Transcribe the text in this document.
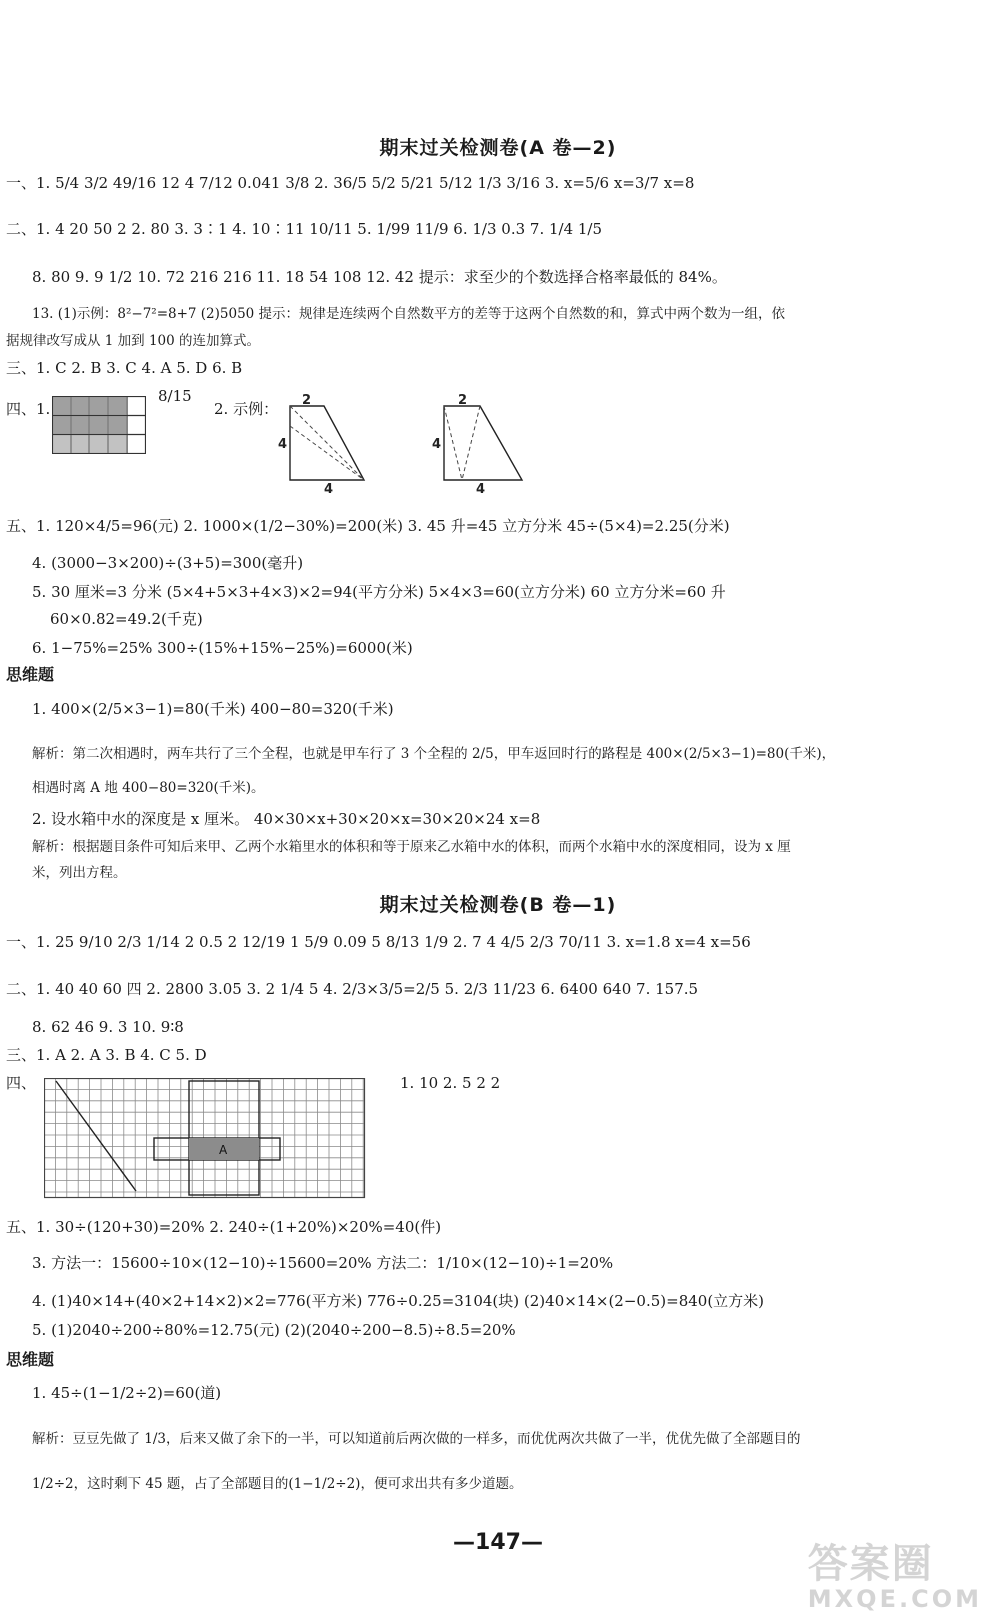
期末过关检测卷(A 卷—2)
一、1. 5/4 3/2 49/16 12 4 7/12 0.041 3/8 2. 36/5 5/2 5/21 5/12 1/3 3/16 3. x=5/6 x=3/7 x=8
二、1. 4 20 50 2 2. 80 3. 3∶1 4. 10∶11 10/11 5. 1/99 11/9 6. 1/3 0.3 7. 1/4 1/5
8. 80 9. 9 1/2 10. 72 216 216 11. 18 54 108 12. 42 提示：求至少的个数选择合格率最低的 84%。
13. (1)示例：8²−7²=8+7 (2)5050 提示：规律是连续两个自然数平方的差等于这两个自然数的和，算式中两个数为一组，依
据规律改写成从 1 加到 100 的连加算式。
三、1. C 2. B 3. C 4. A 5. D 6. B
四、1.
8/15
2. 示例： 2
4
4
2
4
4
五、1. 120×4/5=96(元) 2. 1000×(1/2−30%)=200(米) 3. 45 升=45 立方分米 45÷(5×4)=2.25(分米)
4. (3000−3×200)÷(3+5)=300(毫升)
5. 30 厘米=3 分米 (5×4+5×3+4×3)×2=94(平方分米) 5×4×3=60(立方分米) 60 立方分米=60 升
60×0.82=49.2(千克)
6. 1−75%=25% 300÷(15%+15%−25%)=6000(米)
思维题
1. 400×(2/5×3−1)=80(千米) 400−80=320(千米)
解析：第二次相遇时，两车共行了三个全程，也就是甲车行了 3 个全程的 2/5，甲车返回时行的路程是 400×(2/5×3−1)=80(千米)，
相遇时离 A 地 400−80=320(千米)。
2. 设水箱中水的深度是 x 厘米。 40×30×x+30×20×x=30×20×24 x=8
解析：根据题目条件可知后来甲、乙两个水箱里水的体积和等于原来乙水箱中水的体积，而两个水箱中水的深度相同，设为 x 厘
米，列出方程。
期末过关检测卷(B 卷—1)
一、1. 25 9/10 2/3 1/14 2 0.5 2 12/19 1 5/9 0.09 5 8/13 1/9 2. 7 4 4/5 2/3 70/11 3. x=1.8 x=4 x=56
二、1. 40 40 60 四 2. 2800 3.05 3. 2 1/4 5 4. 2/3×3/5=2/5 5. 2/3 11/23 6. 6400 640 7. 157.5
8. 62 46 9. 3 10. 9∶8
三、1. A 2. A 3. B 4. C 5. D
四、
A
1. 10 2. 5 2 2
五、1. 30÷(120+30)=20% 2. 240÷(1+20%)×20%=40(件)
3. 方法一：15600÷10×(12−10)÷15600=20% 方法二：1/10×(12−10)÷1=20%
4. (1)40×14+(40×2+14×2)×2=776(平方米) 776÷0.25=3104(块) (2)40×14×(2−0.5)=840(立方米)
5. (1)2040÷200÷80%=12.75(元) (2)(2040÷200−8.5)÷8.5=20%
思维题
1. 45÷(1−1/2÷2)=60(道)
解析：豆豆先做了 1/3，后来又做了余下的一半，可以知道前后两次做的一样多，而优优两次共做了一半，优优先做了全部题目的
1/2÷2，这时剩下 45 题，占了全部题目的(1−1/2÷2)，便可求出共有多少道题。
—147—	答案圈
MXQE.COM
